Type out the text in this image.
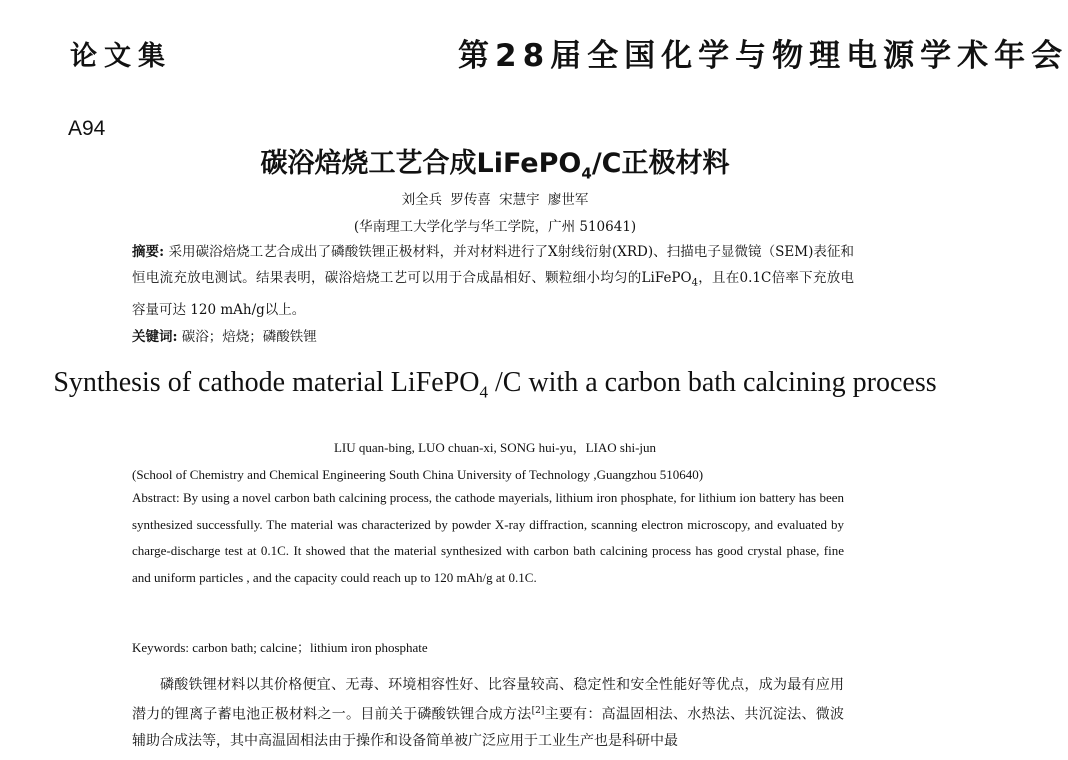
论文集	第28届全国化学与物理电源学术年会
A94
碳浴焙烧工艺合成LiFePO$_4$/C正极材料
刘全兵 罗传喜 宋慧宇 廖世军
(华南理工大学化学与华工学院，广州 510641)
摘要: 采用碳浴焙烧工艺合成出了磷酸铁锂正极材料，并对材料进行了X射线衍射(XRD)、扫描电子显微镜（SEM)表征和恒电流充放电测试。结果表明，碳浴焙烧工艺可以用于合成晶相好、颗粒细小均匀的LiFePO$_4$，且在0.1C倍率下充放电容量可达 120 mAh/g以上。
关键词: 碳浴；焙烧；磷酸铁锂
Synthesis of cathode material LiFePO$_4$ /C with a carbon bath calcining process
LIU quan-bing, LUO chuan-xi, SONG hui-yu，LIAO shi-jun
(School of Chemistry and Chemical Engineering South China University of Technology ,Guangzhou 510640)
Abstract: By using a novel carbon bath calcining process, the cathode mayerials, lithium iron phosphate, for lithium ion battery has been synthesized successfully. The material was characterized by powder X-ray diffraction, scanning electron microscopy, and evaluated by charge-discharge test at 0.1C. It showed that the material synthesized with carbon bath calcining process has good crystal phase, fine and uniform particles , and the capacity could reach up to 120 mAh/g at 0.1C.
Keywords: carbon bath; calcine；lithium iron phosphate
磷酸铁锂材料以其价格便宜、无毒、环境相容性好、比容量较高、稳定性和安全性能好等优点，成为最有应用潜力的锂离子蓄电池正极材料之一。目前关于磷酸铁锂合成方法[2]主要有：高温固相法、水热法、共沉淀法、微波辅助合成法等，其中高温固相法由于操作和设备简单被广泛应用于工业生产也是科研中最
